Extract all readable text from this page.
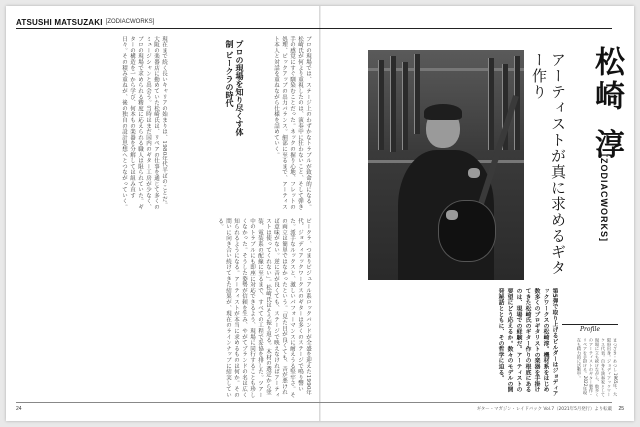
ATSUSHI MATSUZAKI [ZODIACWORKS]
現在まで続く長いキャリアの始まりは、1980年代半ばのことだ。大阪の楽器店に勤めていた松崎氏は、リペアの仕事を通じて多くのミュージシャンと出会う。当時はまだ国内のギター工房が少なく、プロの現場で求められる精度に応えられる職人は限られていた。ギターの構造を一から学び、何本もの楽器を分解しては組み直す日々。その積み重ねが、後の独自の設計思想へとつながっていく。	プロの現場では、ステージ上のわずかなトラブルが致命的になる。松崎氏が何より重視したのは、演奏中に狂わないこと、そして弾き手の感覚にすぐ馴染むことだった。ネックの握り心地、フレットの処理、ピックアップの出力バランス。細部に至るまで、アーティスト本人と対話を重ねながら仕様を詰めていく。
プロの現場を知り尽くす体制 ビークラの時代
ビークラ、つまりビジュアル系ロックバンドが全盛を迎えた1990年代、ジョディアックワークスのギターは多くのステージで鳴り響いた。派手なルックスと、激しいパフォーマンスに耐えうる堅牢さ。その両立は簡単ではなかったという。「見た目が良くても、音が悪ければ意味がない。逆に音が良くても、ステージで映えなければアーティストは使ってくれない」。松崎氏はそう振り返る。木材の選定から塗装、電装系の配線に至るまで、すべての工程で妥協を排した。ツアー中のトラブルにも即座に対応できるよう、現場に同行することも珍しくなかった。そうした姿勢が信頼を生み、やがてブランドの名は広く知られるようになる。アーティストが本当に求めるものは何か。その問いに向き合い続けてきた結果が、現在のラインナップに結実している。
松崎 淳
[ZODIACWORKS]
アーティストが真に求めるギター作り
第5弾で取り上げるビルダーはジョディアックワークスの松崎淳。機材系をはじめ数多くのプロギタリストの楽器を手掛けてきた松崎氏のギター作りの根底にあるのは、現場での経験だ。アーティストの要望にどう応えるか。数々のモデルの開発秘話とともに、その哲学に迫る。	Profile
まつざき・あつし 1965年、大阪府出身。ジョディアックワークス代表。自身も演奏家として現場に立ち続けながら、数多くのアーティストのギター製作・リペアを手掛ける。2022年現在も精力的に活動中。
24	ギター・マガジン・レイドバック Vol.7（2021年5月発行）より転載 25
